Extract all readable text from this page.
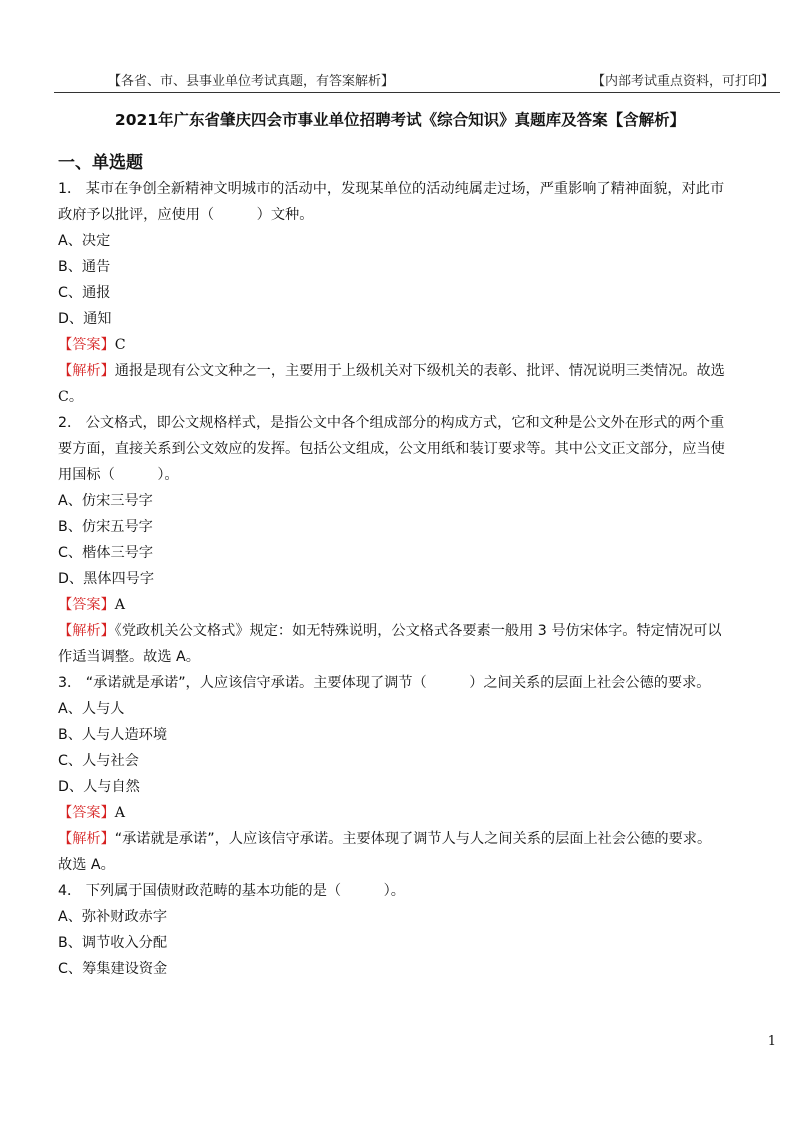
【各省、市、县事业单位考试真题，有答案解析】	【内部考试重点资料，可打印】
2021年广东省肇庆四会市事业单位招聘考试《综合知识》真题库及答案【含解析】
一、单选题
1． 某市在争创全新精神文明城市的活动中，发现某单位的活动纯属走过场，严重影响了精神面貌，对此市
政府予以批评，应使用（　　　）文种。
A、决定
B、通告
C、通报
D、通知
【答案】C
【解析】通报是现有公文文种之一，主要用于上级机关对下级机关的表彰、批评、情况说明三类情况。故选
C。
2． 公文格式，即公文规格样式，是指公文中各个组成部分的构成方式，它和文种是公文外在形式的两个重
要方面，直接关系到公文效应的发挥。包括公文组成，公文用纸和装订要求等。其中公文正文部分，应当使
用国标（　　　）。
A、仿宋三号字
B、仿宋五号字
C、楷体三号字
D、黑体四号字
【答案】A
【解析】《党政机关公文格式》规定：如无特殊说明，公文格式各要素一般用 3 号仿宋体字。特定情况可以
作适当调整。故选 A。
3． “承诺就是承诺”，人应该信守承诺。主要体现了调节（　　　）之间关系的层面上社会公德的要求。
A、人与人
B、人与人造环境
C、人与社会
D、人与自然
【答案】A
【解析】“承诺就是承诺”，人应该信守承诺。主要体现了调节人与人之间关系的层面上社会公德的要求。
故选 A。
4． 下列属于国债财政范畴的基本功能的是（　　　）。
A、弥补财政赤字
B、调节收入分配
C、筹集建设资金
1
